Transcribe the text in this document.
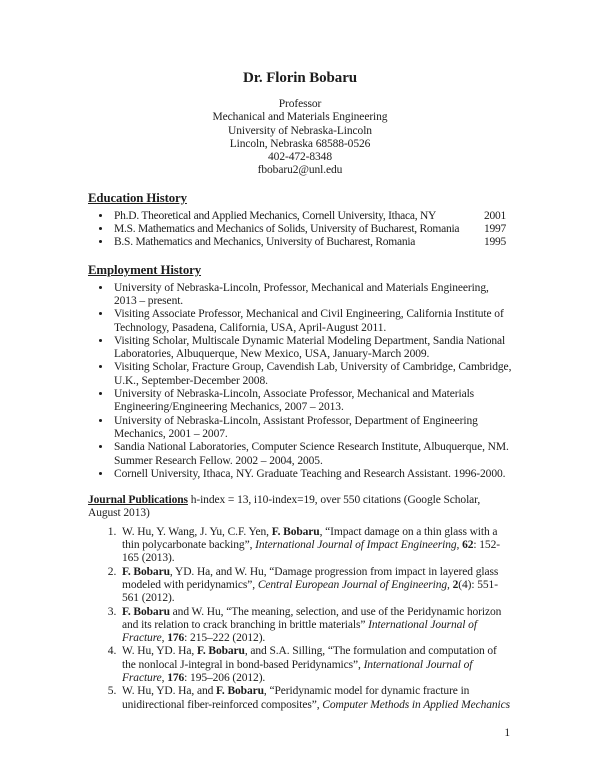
Dr. Florin Bobaru
Professor
Mechanical and Materials Engineering
University of Nebraska-Lincoln
Lincoln, Nebraska 68588-0526
402-472-8348
fbobaru2@unl.edu
Education History
• Ph.D. Theoretical and Applied Mechanics, Cornell University, Ithaca, NY	2001
• M.S. Mathematics and Mechanics of Solids, University of Bucharest, Romania 1997
• B.S. Mathematics and Mechanics, University of Bucharest, Romania	1995
Employment History
• University of Nebraska-Lincoln, Professor, Mechanical and Materials Engineering, 2013 – present.
• Visiting Associate Professor, Mechanical and Civil Engineering, California Institute of Technology, Pasadena, California, USA, April-August 2011.
• Visiting Scholar, Multiscale Dynamic Material Modeling Department, Sandia National Laboratories, Albuquerque, New Mexico, USA, January-March 2009.
• Visiting Scholar, Fracture Group, Cavendish Lab, University of Cambridge, Cambridge, U.K., September-December 2008.
• University of Nebraska-Lincoln, Associate Professor, Mechanical and Materials Engineering/Engineering Mechanics, 2007 – 2013.
• University of Nebraska-Lincoln, Assistant Professor, Department of Engineering Mechanics, 2001 – 2007.
• Sandia National Laboratories, Computer Science Research Institute, Albuquerque, NM. Summer Research Fellow. 2002 – 2004, 2005.
• Cornell University, Ithaca, NY. Graduate Teaching and Research Assistant. 1996-2000.

Journal Publications h-index = 13, i10-index=19, over 550 citations (Google Scholar, August 2013)

1. W. Hu, Y. Wang, J. Yu, C.F. Yen, F. Bobaru, “Impact damage on a thin glass with a thin polycarbonate backing”, International Journal of Impact Engineering, 62: 152- 165 (2013).
2. F. Bobaru, YD. Ha, and W. Hu, “Damage progression from impact in layered glass modeled with peridynamics”, Central European Journal of Engineering, 2(4): 551-561 (2012).
3. F. Bobaru and W. Hu, “The meaning, selection, and use of the Peridynamic horizon and its relation to crack branching in brittle materials” International Journal of Fracture, 176: 215–222 (2012).
4. W. Hu, YD. Ha, F. Bobaru, and S.A. Silling, “The formulation and computation of the nonlocal J-integral in bond-based Peridynamics”, International Journal of Fracture, 176: 195–206 (2012).
5. W. Hu, YD. Ha, and F. Bobaru, “Peridynamic model for dynamic fracture in unidirectional fiber-reinforced composites”, Computer Methods in Applied Mechanics
1
